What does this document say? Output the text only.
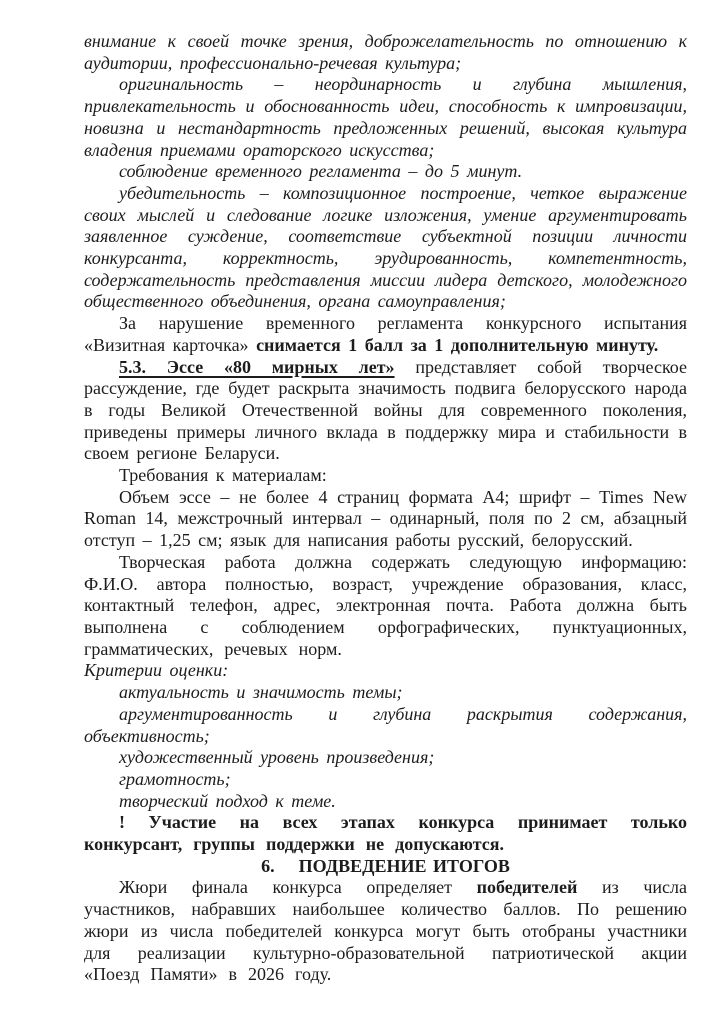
внимание к своей точке зрения, доброжелательность по отношению к аудитории, профессионально-речевая культура;

оригинальность – неординарность и глубина мышления, привлекательность и обоснованность идеи, способность к импровизации, новизна и нестандартность предложенных решений, высокая культура владения приемами ораторского искусства;

соблюдение временного регламента – до 5 минут.

убедительность – композиционное построение, четкое выражение своих мыслей и следование логике изложения, умение аргументировать заявленное суждение, соответствие субъектной позиции личности конкурсанта, корректность, эрудированность, компетентность, содержательность представления миссии лидера детского, молодежного общественного объединения, органа самоуправления;

За нарушение временного регламента конкурсного испытания «Визитная карточка» снимается 1 балл за 1 дополнительную минуту.

5.3. Эссе «80 мирных лет» представляет собой творческое рассуждение, где будет раскрыта значимость подвига белорусского народа в годы Великой Отечественной войны для современного поколения, приведены примеры личного вклада в поддержку мира и стабильности в своем регионе Беларуси.

Требования к материалам:

Объем эссе – не более 4 страниц формата А4; шрифт – Times New Roman 14, межстрочный интервал – одинарный, поля по 2 см, абзацный отступ – 1,25 см; язык для написания работы русский, белорусский.

Творческая работа должна содержать следующую информацию: Ф.И.О. автора полностью, возраст, учреждение образования, класс, контактный телефон, адрес, электронная почта. Работа должна быть выполнена с соблюдением орфографических, пунктуационных, грамматических, речевых норм.

Критерии оценки:

актуальность и значимость темы;

аргументированность и глубина раскрытия содержания, объективность;

художественный уровень произведения;

грамотность;

творческий подход к теме.

! Участие на всех этапах конкурса принимает только конкурсант, группы поддержки не допускаются.

6. ПОДВЕДЕНИЕ ИТОГОВ

Жюри финала конкурса определяет победителей из числа участников, набравших наибольшее количество баллов. По решению жюри из числа победителей конкурса могут быть отобраны участники для реализации культурно-образовательной патриотической акции «Поезд Памяти» в 2026 году.
